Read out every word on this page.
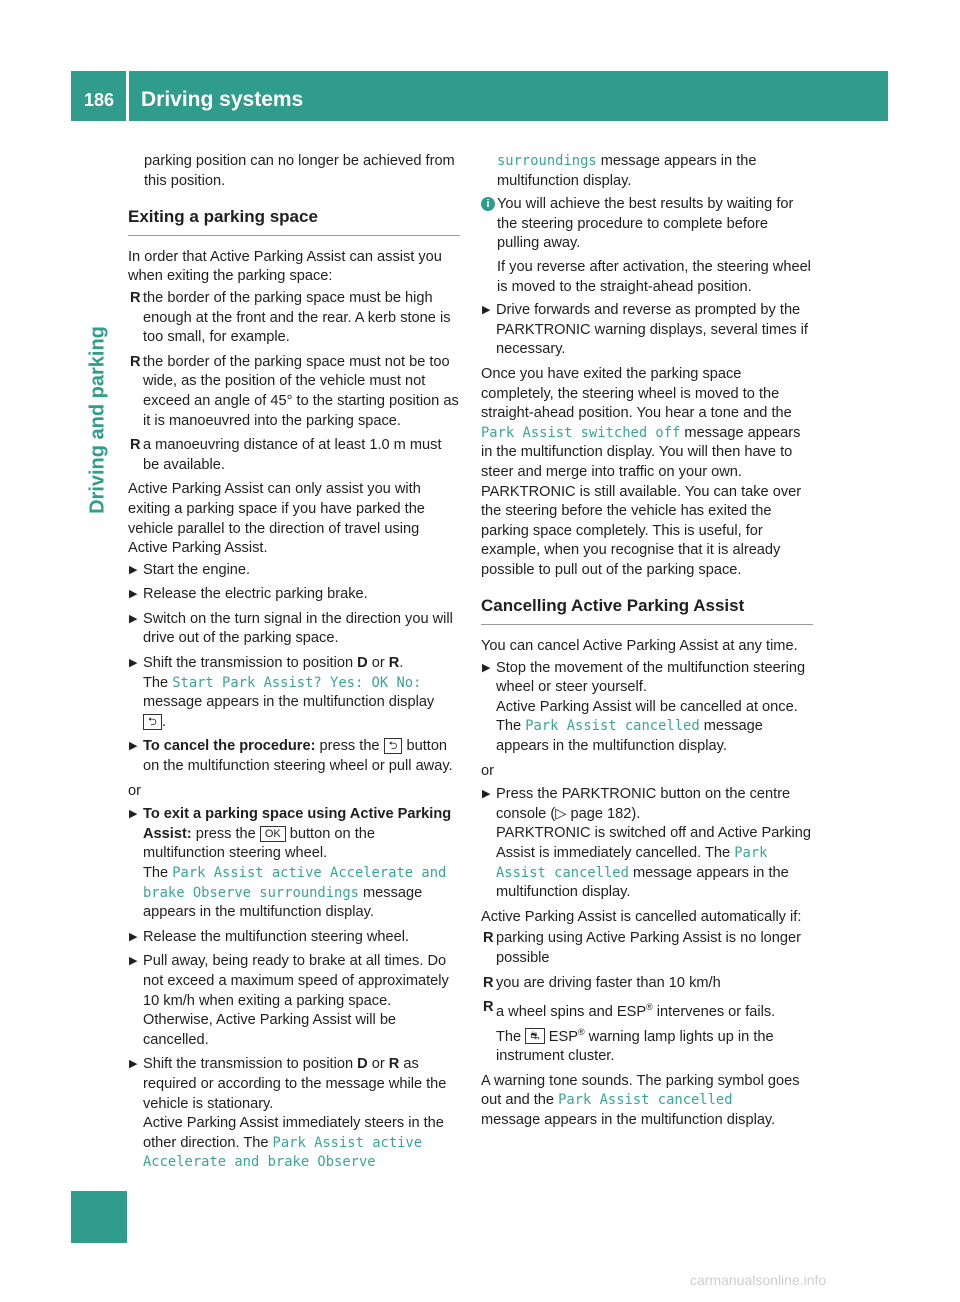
186	Driving systems
Driving and parking

parking position can no longer be achieved from this position.

Exiting a parking space

In order that Active Parking Assist can assist you when exiting the parking space:

R the border of the parking space must be high enough at the front and the rear. A kerb stone is too small, for example.
R the border of the parking space must not be too wide, as the position of the vehicle must not exceed an angle of 45° to the starting position as it is manoeuvred into the parking space.
R a manoeuvring distance of at least 1.0 m must be available.

Active Parking Assist can only assist you with exiting a parking space if you have parked the vehicle parallel to the direction of travel using Active Parking Assist.

▶ Start the engine.
▶ Release the electric parking brake.
▶ Switch on the turn signal in the direction you will drive out of the parking space.
▶ Shift the transmission to position D or R.
The Start Park Assist? Yes: OK No:
message appears in the multifunction display
⮌ .
▶ To cancel the procedure: press the ⮌ button on the multifunction steering wheel or pull away.

or

▶ To exit a parking space using Active Parking Assist: press the OK button on the multifunction steering wheel.
The Park Assist active Accelerate and brake Observe surroundings message appears in the multifunction display.
▶ Release the multifunction steering wheel.
▶ Pull away, being ready to brake at all times. Do not exceed a maximum speed of approximately 10 km/h when exiting a parking space. Otherwise, Active Parking Assist will be cancelled.
▶ Shift the transmission to position D or R as required or according to the message while the vehicle is stationary.
Active Parking Assist immediately steers in the other direction. The Park Assist active Accelerate and brake Observe

surroundings message appears in the multifunction display.

i You will achieve the best results by waiting for the steering procedure to complete before pulling away.

If you reverse after activation, the steering wheel is moved to the straight-ahead position.

▶ Drive forwards and reverse as prompted by the PARKTRONIC warning displays, several times if necessary.

Once you have exited the parking space completely, the steering wheel is moved to the straight-ahead position. You hear a tone and the Park Assist switched off message appears in the multifunction display. You will then have to steer and merge into traffic on your own. PARKTRONIC is still available. You can take over the steering before the vehicle has exited the parking space completely. This is useful, for example, when you recognise that it is already possible to pull out of the parking space.

Cancelling Active Parking Assist

You can cancel Active Parking Assist at any time.

▶ Stop the movement of the multifunction steering wheel or steer yourself.
Active Parking Assist will be cancelled at once. The Park Assist cancelled message appears in the multifunction display.

or

▶ Press the PARKTRONIC button on the centre console (▷ page 182).
PARKTRONIC is switched off and Active Parking Assist is immediately cancelled. The Park Assist cancelled message appears in the multifunction display.

Active Parking Assist is cancelled automatically if:

R parking using Active Parking Assist is no longer possible
R you are driving faster than 10 km/h
R a wheel spins and ESP® intervenes or fails.
The ⛐ ESP® warning lamp lights up in the instrument cluster.

A warning tone sounds. The parking symbol goes out and the Park Assist cancelled
message appears in the multifunction display.

carmanualsonline.info
